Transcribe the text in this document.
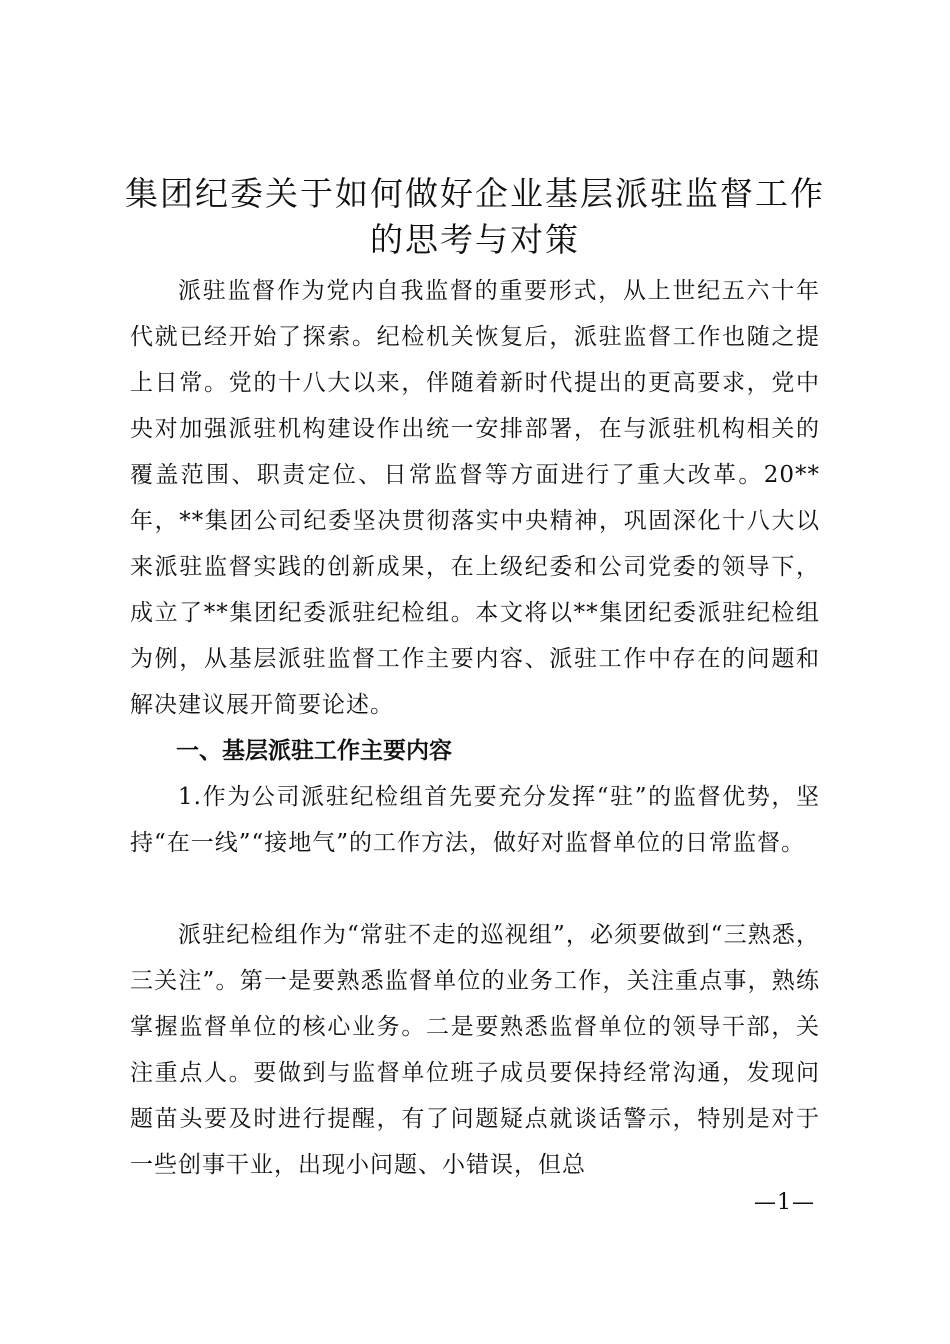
集团纪委关于如何做好企业基层派驻监督工作
的思考与对策

派驻监督作为党内自我监督的重要形式，从上世纪五六十年代就已经开始了探索。纪检机关恢复后，派驻监督工作也随之提上日常。党的十八大以来，伴随着新时代提出的更高要求，党中央对加强派驻机构建设作出统一安排部署，在与派驻机构相关的覆盖范围、职责定位、日常监督等方面进行了重大改革。20**年，**集团公司纪委坚决贯彻落实中央精神，巩固深化十八大以来派驻监督实践的创新成果，在上级纪委和公司党委的领导下，成立了**集团纪委派驻纪检组。本文将以**集团纪委派驻纪检组为例，从基层派驻监督工作主要内容、派驻工作中存在的问题和解决建议展开简要论述。

一、基层派驻工作主要内容

1.作为公司派驻纪检组首先要充分发挥“驻”的监督优势，坚持“在一线”“接地气”的工作方法，做好对监督单位的日常监督。

派驻纪检组作为“常驻不走的巡视组”，必须要做到“三熟悉，三关注”。第一是要熟悉监督单位的业务工作，关注重点事，熟练掌握监督单位的核心业务。二是要熟悉监督单位的领导干部，关注重点人。要做到与监督单位班子成员要保持经常沟通，发现问题苗头要及时进行提醒，有了问题疑点就谈话警示，特别是对于一些创事干业，出现小问题、小错误，但总

—1—
